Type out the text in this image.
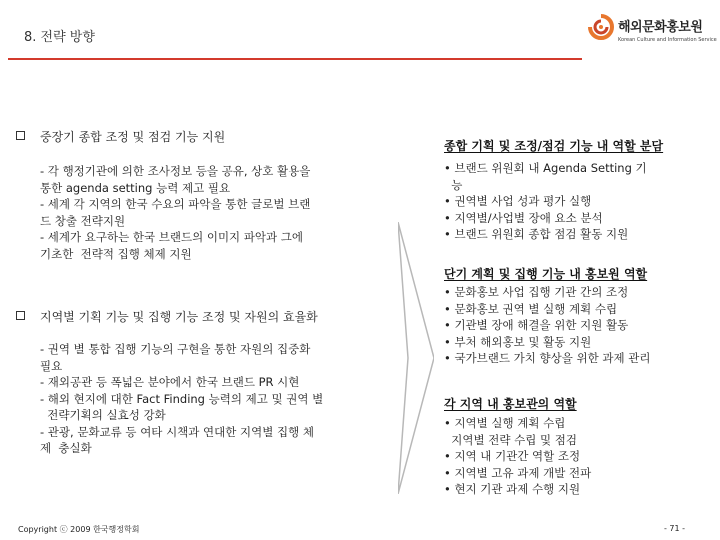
8. 전략 방향
해외문화홍보원
Korean Culture and Information Service
중장기 종합 조정 및 점검 기능 지원
- 각 행정기관에 의한 조사정보 등을 공유, 상호 활용을
통한 agenda setting 능력 제고 필요
- 세계 각 지역의 한국 수요의 파악을 통한 글로벌 브랜
드 창출 전략지원
- 세계가 요구하는 한국 브랜드의 이미지 파악과 그에
기초한  전략적 집행 체제 지원
지역별 기획 기능 및 집행 기능 조정 및 자원의 효율화
- 권역 별 통합 집행 기능의 구현을 통한 자원의 집중화
필요
- 재외공관 등 폭넓은 분야에서 한국 브랜드 PR 시현
- 해외 현지에 대한 Fact Finding 능력의 제고 및 권역 별
전략기획의 실효성 강화
- 관광, 문화교류 등 여타 시책과 연대한 지역별 집행 체
제  충실화
종합 기획 및 조정/점검 기능 내 역할 분담
• 브랜드 위원회 내 Agenda Setting 기
능
• 권역별 사업 성과 평가 실행
• 지역별/사업별 장애 요소 분석
• 브랜드 위원회 종합 점검 활동 지원
단기 계획 및 집행 기능 내 홍보원 역할
• 문화홍보 사업 집행 기관 간의 조정
• 문화홍보 권역 별 실행 계획 수립
• 기관별 장애 해결을 위한 지원 활동
• 부처 해외홍보 및 활동 지원
• 국가브랜드 가치 향상을 위한 과제 관리
각 지역 내 홍보관의 역할
• 지역별 실행 계획 수립
지역별 전략 수립 및 점검
• 지역 내 기관간 역할 조정
• 지역별 고유 과제 개발 전파
• 현지 기관 과제 수행 지원
Copyright ⓒ 2009 한국행정학회	- 71 -
